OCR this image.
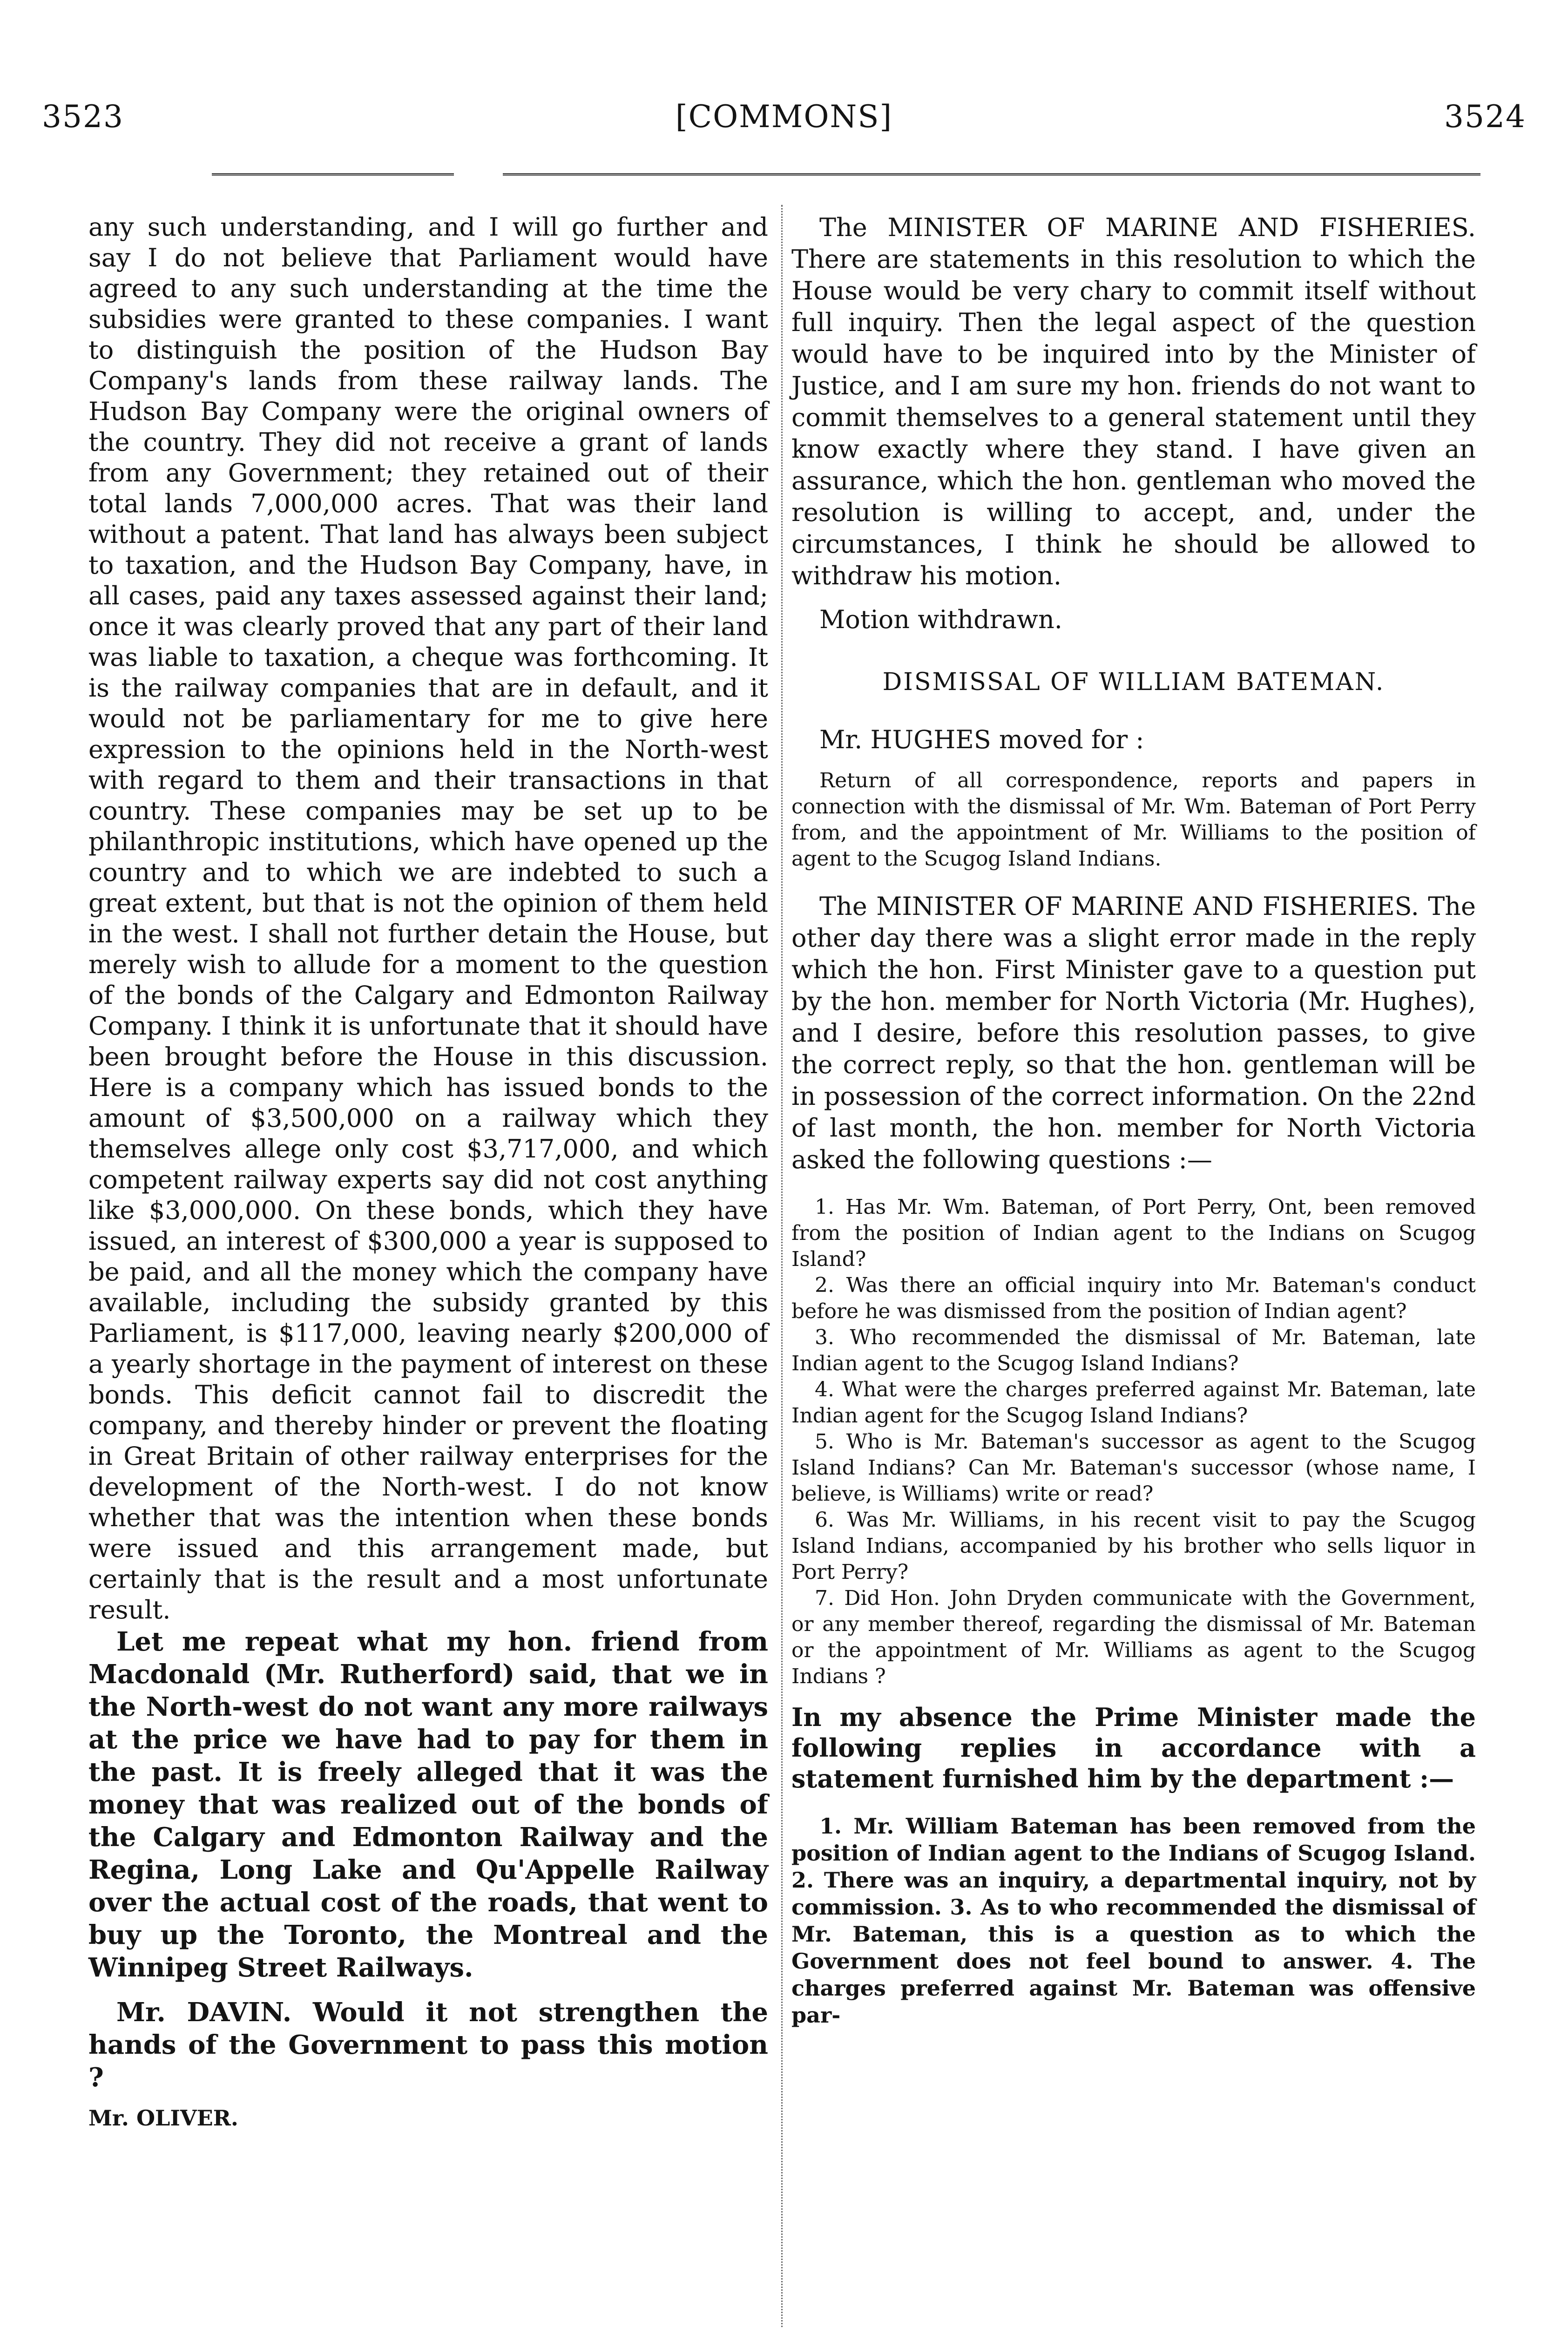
3523	[COMMONS]	3524

any such understanding, and I will go further and say I do not believe that Parliament would have agreed to any such understanding at the time the subsidies were granted to these companies. I want to distinguish the position of the Hudson Bay Company's lands from these railway lands. The Hudson Bay Company were the original owners of the country. They did not receive a grant of lands from any Government; they retained out of their total lands 7,000,000 acres. That was their land without a patent. That land has always been subject to taxation, and the Hudson Bay Company, have, in all cases, paid any taxes assessed against their land; once it was clearly proved that any part of their land was liable to taxation, a cheque was forthcoming. It is the railway companies that are in default, and it would not be parliamentary for me to give here expression to the opinions held in the North-west with regard to them and their transactions in that country. These companies may be set up to be philanthropic institutions, which have opened up the country and to which we are indebted to such a great extent, but that is not the opinion of them held in the west. I shall not further detain the House, but merely wish to allude for a moment to the question of the bonds of the Calgary and Edmonton Railway Company. I think it is unfortunate that it should have been brought before the House in this discussion. Here is a company which has issued bonds to the amount of $3,500,000 on a railway which they themselves allege only cost $3,717,000, and which competent railway experts say did not cost anything like $3,000,000. On these bonds, which they have issued, an interest of $300,000 a year is supposed to be paid, and all the money which the company have available, including the subsidy granted by this Parliament, is $117,000, leaving nearly $200,000 of a yearly shortage in the payment of interest on these bonds. This deficit cannot fail to discredit the company, and thereby hinder or prevent the floating in Great Britain of other railway enterprises for the development of the North-west. I do not know whether that was the intention when these bonds were issued and this arrangement made, but certainly that is the result and a most unfortunate result.

Let me repeat what my hon. friend from Macdonald (Mr. Rutherford) said, that we in the North-west do not want any more railways at the price we have had to pay for them in the past. It is freely alleged that it was the money that was realized out of the bonds of the Calgary and Edmonton Railway and the Regina, Long Lake and Qu'Appelle Railway over the actual cost of the roads, that went to buy up the Toronto, the Montreal and the Winnipeg Street Railways.

Mr. DAVIN. Would it not strengthen the hands of the Government to pass this motion ?

Mr. OLIVER.

The MINISTER OF MARINE AND FISHERIES. There are statements in this resolution to which the House would be very chary to commit itself without full inquiry. Then the legal aspect of the question would have to be inquired into by the Minister of Justice, and I am sure my hon. friends do not want to commit themselves to a general statement until they know exactly where they stand. I have given an assurance, which the hon. gentleman who moved the resolution is willing to accept, and, under the circumstances, I think he should be allowed to withdraw his motion.

Motion withdrawn.

DISMISSAL OF WILLIAM BATEMAN.

Mr. HUGHES moved for :

Return of all correspondence, reports and papers in connection with the dismissal of Mr. Wm. Bateman of Port Perry from, and the appointment of Mr. Williams to the position of agent to the Scugog Island Indians.

The MINISTER OF MARINE AND FISHERIES. The other day there was a slight error made in the reply which the hon. First Minister gave to a question put by the hon. member for North Victoria (Mr. Hughes), and I desire, before this resolution passes, to give the correct reply, so that the hon. gentleman will be in possession of the correct information. On the 22nd of last month, the hon. member for North Victoria asked the following questions :—

1. Has Mr. Wm. Bateman, of Port Perry, Ont, been removed from the position of Indian agent to the Indians on Scugog Island?

2. Was there an official inquiry into Mr. Bateman's conduct before he was dismissed from the position of Indian agent?

3. Who recommended the dismissal of Mr. Bateman, late Indian agent to the Scugog Island Indians?

4. What were the charges preferred against Mr. Bateman, late Indian agent for the Scugog Island Indians?

5. Who is Mr. Bateman's successor as agent to the Scugog Island Indians? Can Mr. Bateman's successor (whose name, I believe, is Williams) write or read?

6. Was Mr. Williams, in his recent visit to pay the Scugog Island Indians, accompanied by his brother who sells liquor in Port Perry?

7. Did Hon. John Dryden communicate with the Government, or any member thereof, regarding the dismissal of Mr. Bateman or the appointment of Mr. Williams as agent to the Scugog Indians ?

In my absence the Prime Minister made the following replies in accordance with a statement furnished him by the department :—

1. Mr. William Bateman has been removed from the position of Indian agent to the Indians of Scugog Island. 2. There was an inquiry, a departmental inquiry, not by commission. 3. As to who recommended the dismissal of Mr. Bateman, this is a question as to which the Government does not feel bound to answer. 4. The charges preferred against Mr. Bateman was offensive par-
